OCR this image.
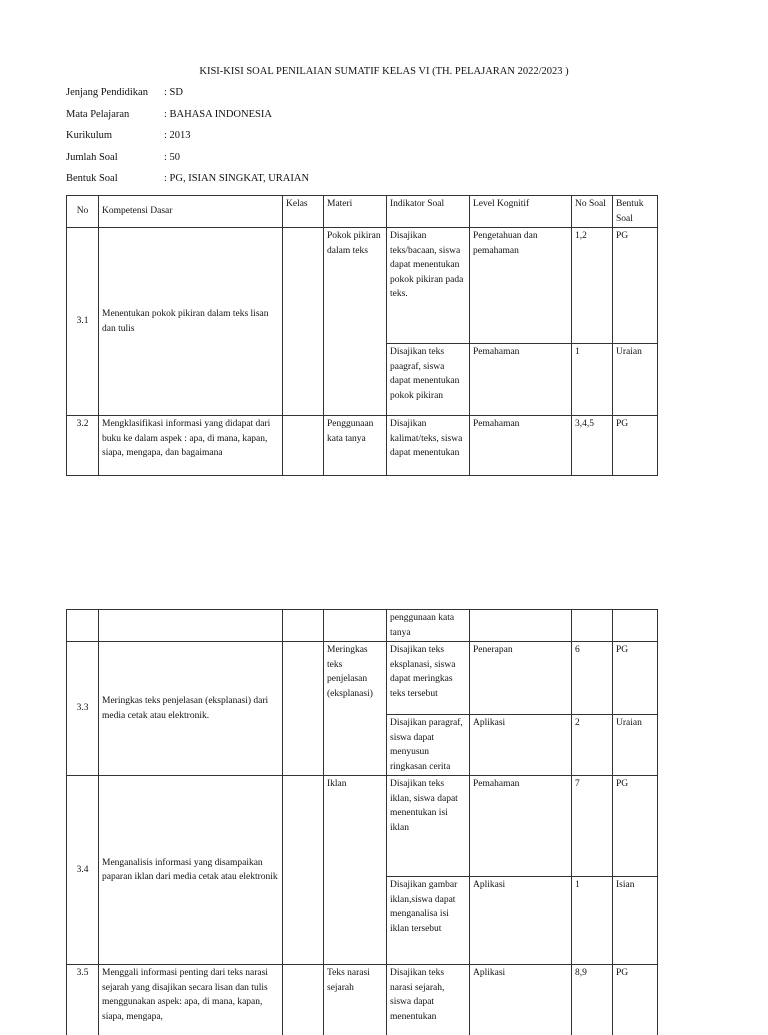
KISI-KISI SOAL PENILAIAN SUMATIF KELAS VI (TH. PELAJARAN 2022/2023 )
Jenjang Pendidikan : SD
Mata Pelajaran	: BAHASA INDONESIA
Kurikulum	: 2013
Jumlah Soal	: 50
Bentuk Soal	: PG, ISIAN SINGKAT, URAIAN
No	Kompetensi Dasar	Kelas	Materi	Indikator Soal	Level Kognitif	No Soal	Bentuk Soal
3.1	Menentukan pokok pikiran dalam teks lisan dan tulis		Pokok pikiran dalam teks	Disajikan teks/bacaan, siswa dapat menentukan pokok pikiran pada teks.	Pengetahuan dan pemahaman	1,2	PG
				Disajikan teks paagraf, siswa dapat menentukan pokok pikiran	Pemahaman	1	Uraian
3.2	Mengklasifikasi informasi yang didapat dari buku ke dalam aspek : apa, di mana, kapan, siapa, mengapa, dan bagaimana		Penggunaan kata tanya	Disajikan kalimat/teks, siswa dapat menentukan	Pemahaman	3,4,5	PG
				penggunaan kata tanya			
3.3	Meringkas teks penjelasan (eksplanasi) dari media cetak atau elektronik.		Meringkas teks penjelasan (eksplanasi)	Disajikan teks eksplanasi, siswa dapat meringkas teks tersebut	Penerapan	6	PG
				Disajikan paragraf, siswa dapat menyusun ringkasan cerita	Aplikasi	2	Uraian
3.4	Menganalisis informasi yang disampaikan paparan iklan dari media cetak atau elektronik		Iklan	Disajikan teks iklan, siswa dapat menentukan isi iklan	Pemahaman	7	PG
				Disajikan gambar iklan,siswa dapat menganalisa isi iklan tersebut	Aplikasi	1	Isian
3.5	Menggali informasi penting dari teks narasi sejarah yang disajikan secara lisan dan tulis menggunakan aspek: apa, di mana, kapan, siapa, mengapa,		Teks narasi sejarah	Disajikan teks narasi sejarah, siswa dapat menentukan	Aplikasi	8,9	PG
